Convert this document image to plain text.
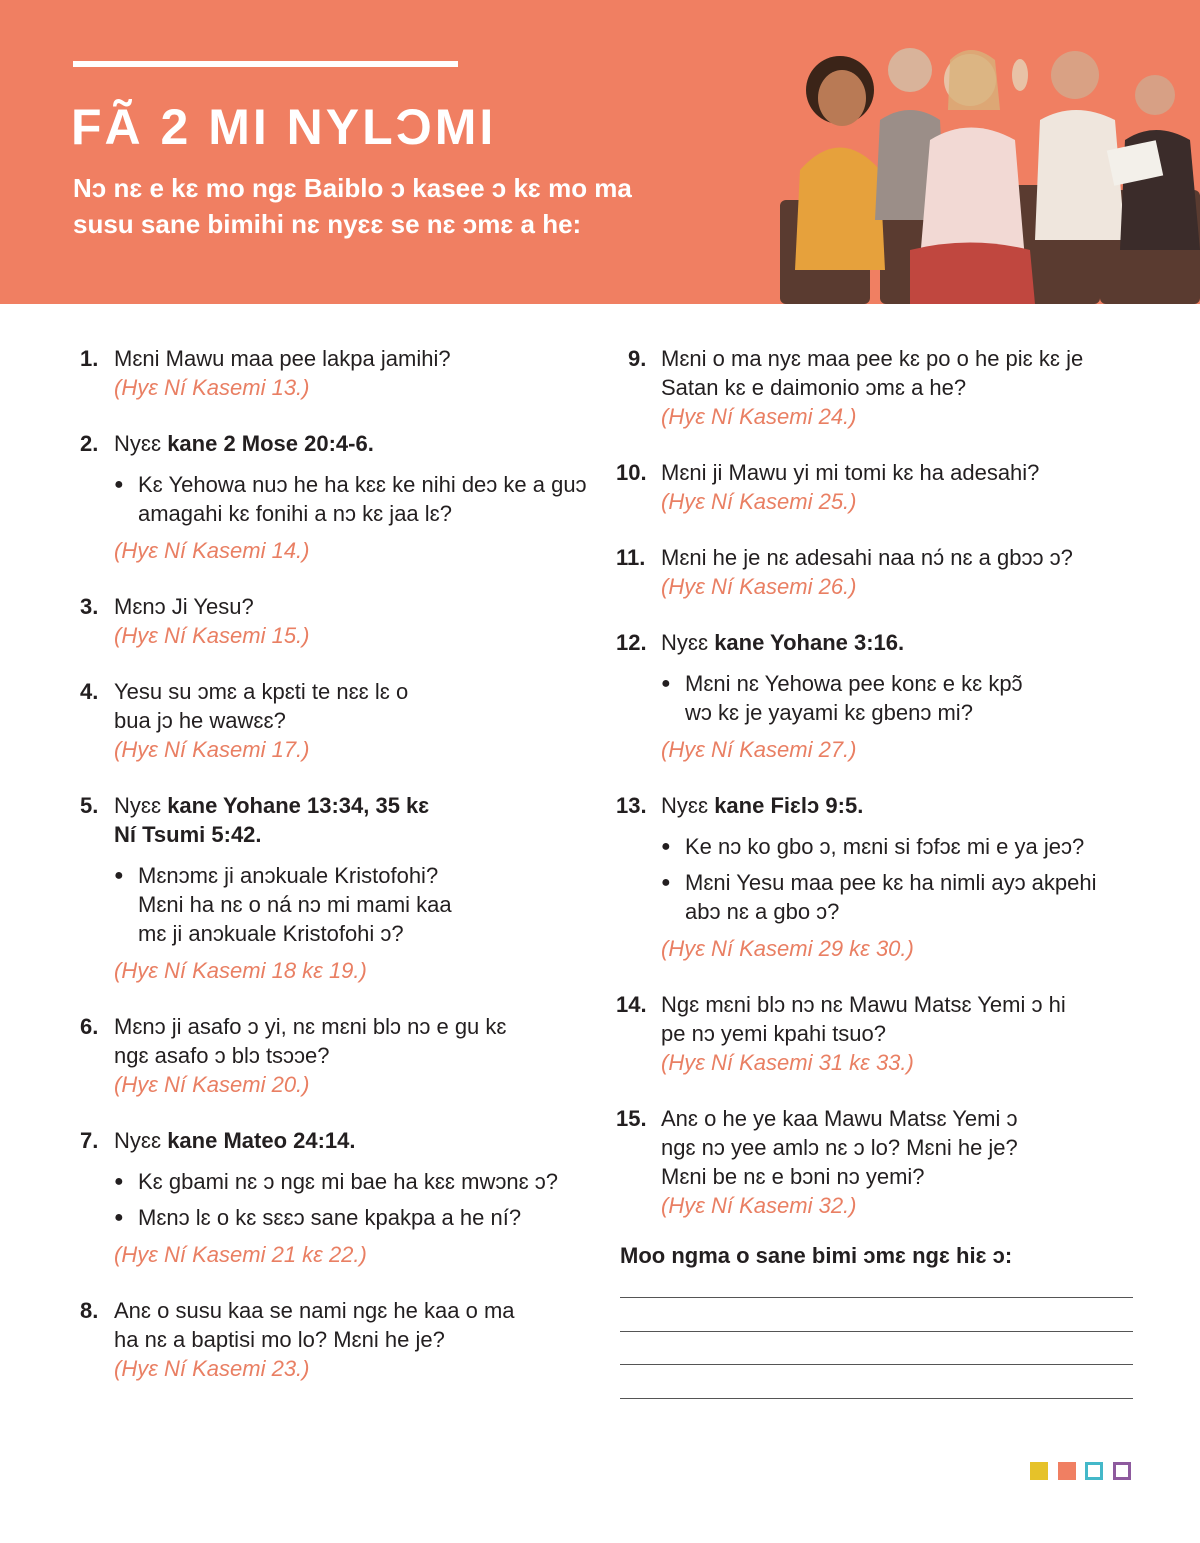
FÃ 2 MI NYLƆMI
Nɔ nɛ e kɛ mo ngɛ Baiblo ɔ kasee ɔ kɛ mo ma susu sane bimihi nɛ nyɛɛ se nɛ ɔmɛ a he:
1. Mɛni Mawu maa pee lakpa jamihi?
(Hyɛ Ní Kasemi 13.)
2. Nyɛɛ kane 2 Mose 20:4-6.
● Kɛ Yehowa nuɔ he ha kɛɛ ke nihi deɔ ke a guɔ amagahi kɛ fonihi a nɔ kɛ jaa lɛ?
(Hyɛ Ní Kasemi 14.)
3. Mɛnɔ Ji Yesu?
(Hyɛ Ní Kasemi 15.)
4. Yesu su ɔmɛ a kpɛti te nɛɛ lɛ o bua jɔ he wawɛɛ?
(Hyɛ Ní Kasemi 17.)
5. Nyɛɛ kane Yohane 13:34, 35 kɛ Ní Tsumi 5:42.
● Mɛnɔmɛ ji anɔkuale Kristofohi? Mɛni ha nɛ o ná nɔ mi mami kaa mɛ ji anɔkuale Kristofohi ɔ?
(Hyɛ Ní Kasemi 18 kɛ 19.)
6. Mɛnɔ ji asafo ɔ yi, nɛ mɛni blɔ nɔ e gu kɛ ngɛ asafo ɔ blɔ tsɔɔe?
(Hyɛ Ní Kasemi 20.)
7. Nyɛɛ kane Mateo 24:14.
● Kɛ gbami nɛ ɔ ngɛ mi bae ha kɛɛ mwɔnɛ ɔ?
● Mɛnɔ lɛ o kɛ sɛɛɔ sane kpakpa a he ní?
(Hyɛ Ní Kasemi 21 kɛ 22.)
8. Anɛ o susu kaa se nami ngɛ he kaa o ma ha nɛ a baptisi mo lo? Mɛni he je?
(Hyɛ Ní Kasemi 23.)
9. Mɛni o ma nyɛ maa pee kɛ po o he piɛ kɛ je Satan kɛ e daimonio ɔmɛ a he?
(Hyɛ Ní Kasemi 24.)
10. Mɛni ji Mawu yi mi tomi kɛ ha adesahi?
(Hyɛ Ní Kasemi 25.)
11. Mɛni he je nɛ adesahi naa nɔ́ nɛ a gbɔɔ ɔ?
(Hyɛ Ní Kasemi 26.)
12. Nyɛɛ kane Yohane 3:16.
● Mɛni nɛ Yehowa pee konɛ e kɛ kpɔ̃ wɔ kɛ je yayami kɛ gbenɔ mi?
(Hyɛ Ní Kasemi 27.)
13. Nyɛɛ kane Fiɛlɔ 9:5.
● Ke nɔ ko gbo ɔ, mɛni si fɔfɔɛ mi e ya jeɔ?
● Mɛni Yesu maa pee kɛ ha nimli ayɔ akpehi abɔ nɛ a gbo ɔ?
(Hyɛ Ní Kasemi 29 kɛ 30.)
14. Ngɛ mɛni blɔ nɔ nɛ Mawu Matsɛ Yemi ɔ hi pe nɔ yemi kpahi tsuo?
(Hyɛ Ní Kasemi 31 kɛ 33.)
15. Anɛ o he ye kaa Mawu Matsɛ Yemi ɔ ngɛ nɔ yee amlɔ nɛ ɔ lo? Mɛni he je? Mɛni be nɛ e bɔni nɔ yemi?
(Hyɛ Ní Kasemi 32.)
Moo ngma o sane bimi ɔmɛ ngɛ hiɛ ɔ:
